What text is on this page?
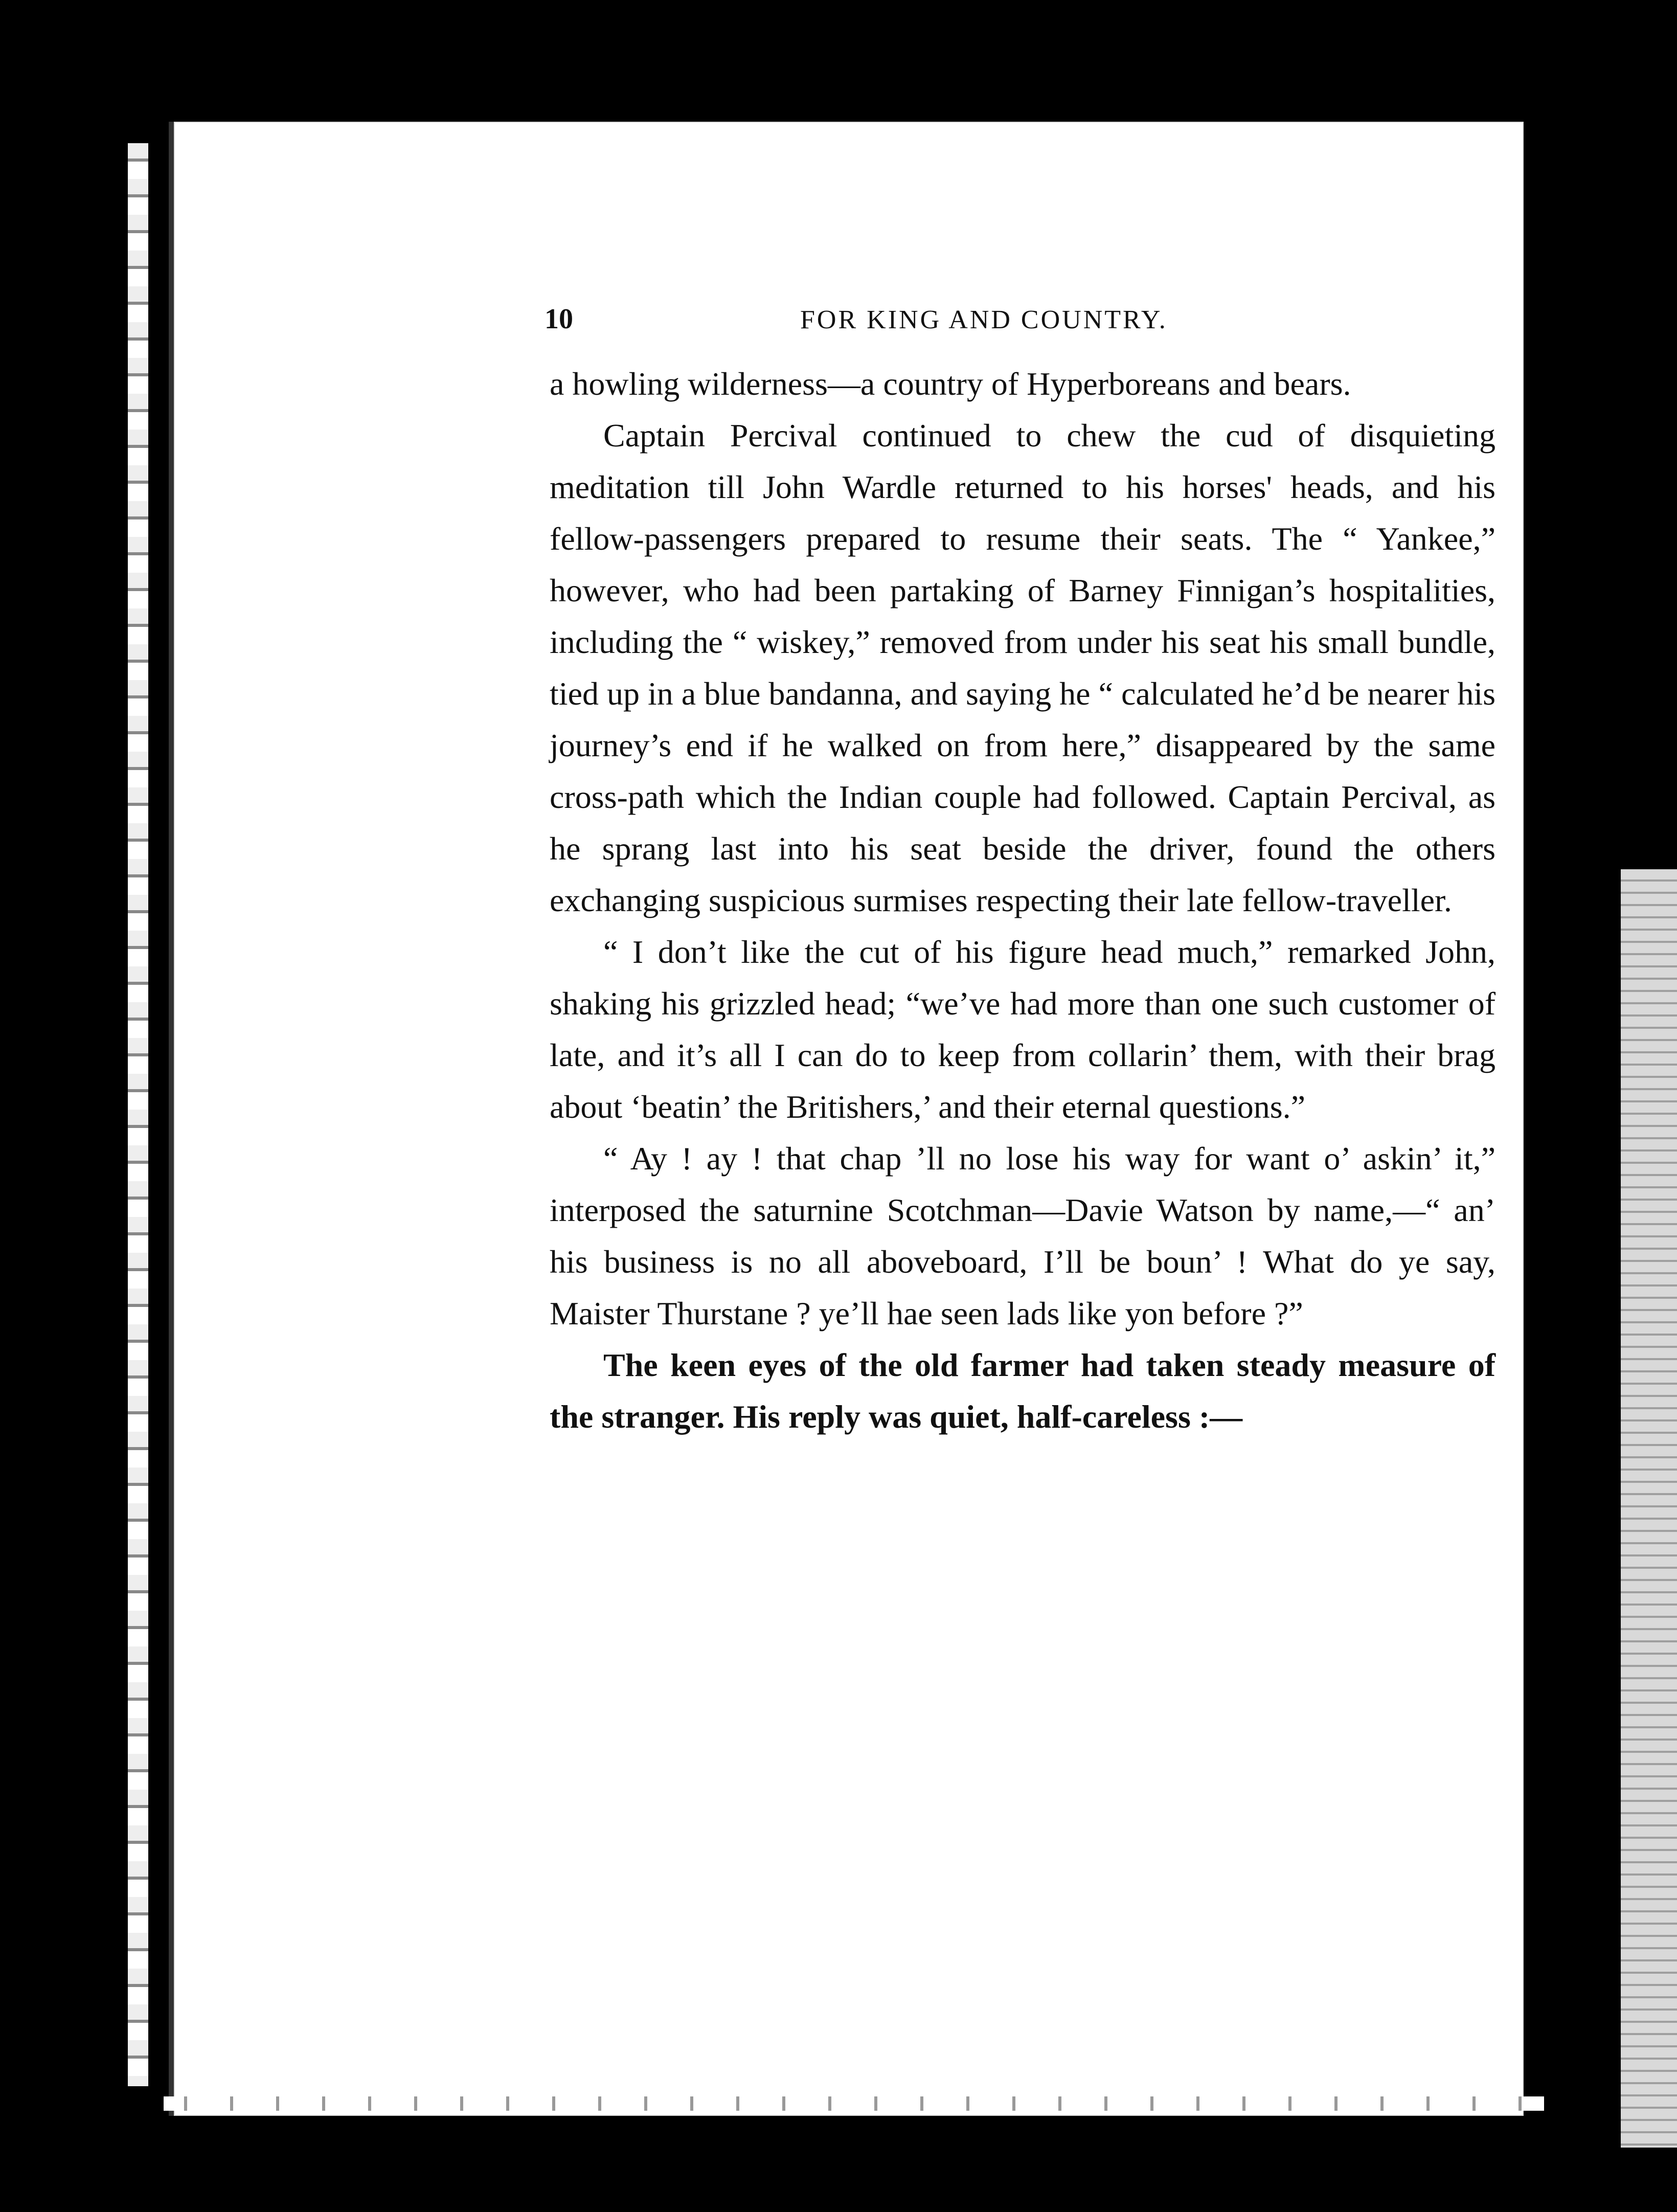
10	FOR KING AND COUNTRY.

a howling wilderness—a country of Hyperboreans and bears.

Captain Percival continued to chew the cud of disquieting meditation till John Wardle returned to his horses' heads, and his fellow-passengers prepared to resume their seats. The “ Yankee,” however, who had been partaking of Barney Finnigan’s hospitalities, including the “ wiskey,” removed from under his seat his small bundle, tied up in a blue bandanna, and saying he “ calculated he’d be nearer his journey’s end if he walked on from here,” disappeared by the same cross-path which the Indian couple had followed. Captain Percival, as he sprang last into his seat beside the driver, found the others exchanging suspicious surmises respecting their late fellow-traveller.

“ I don’t like the cut of his figure head much,” remarked John, shaking his grizzled head; “we’ve had more than one such customer of late, and it’s all I can do to keep from collarin’ them, with their brag about ‘beatin’ the Britishers,’ and their eternal questions.”

“ Ay ! ay ! that chap ’ll no lose his way for want o’ askin’ it,” interposed the saturnine Scotchman—Davie Watson by name,—“ an’ his business is no all aboveboard, I’ll be boun’ ! What do ye say, Maister Thurstane ? ye’ll hae seen lads like yon before ?”

The keen eyes of the old farmer had taken steady measure of the stranger. His reply was quiet, half-careless :—
